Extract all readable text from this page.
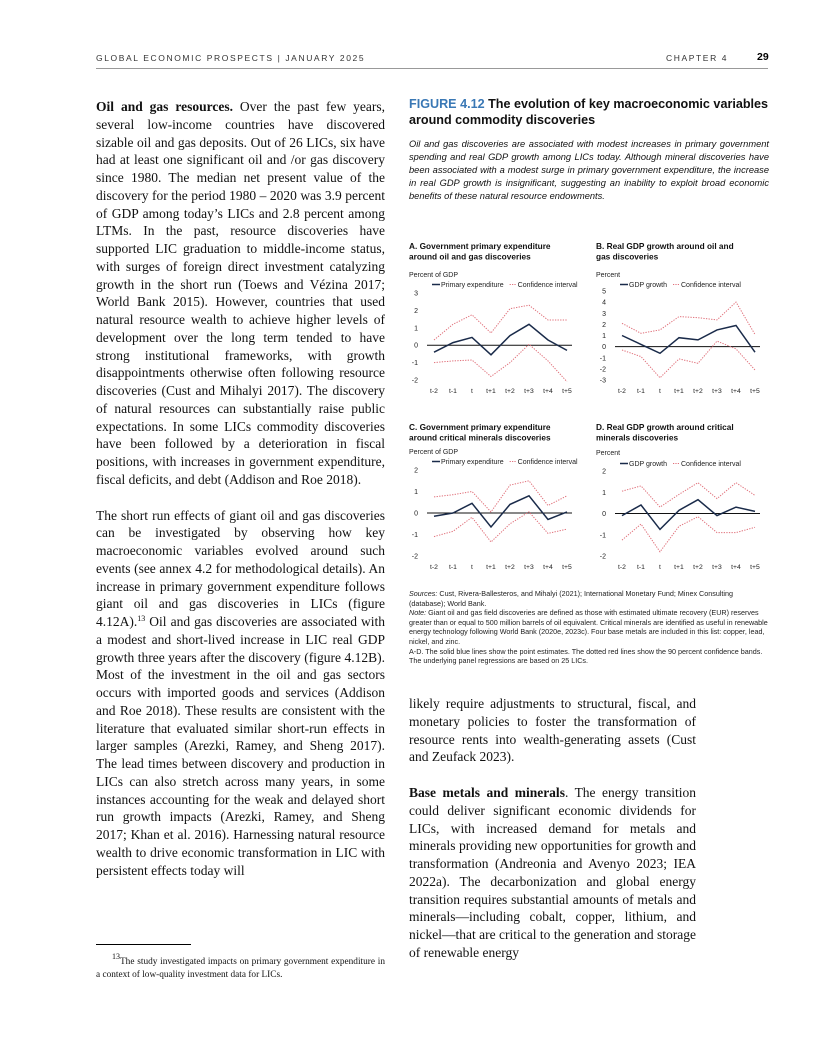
GLOBAL ECONOMIC PROSPECTS | JANUARY 2025	CHAPTER 4	29

Oil and gas resources. Over the past few years, several low-income countries have discovered sizable oil and gas deposits. Out of 26 LICs, six have had at least one significant oil and /or gas discovery since 1980. The median net present value of the discovery for the period 1980 – 2020 was 3.9 percent of GDP among today’s LICs and 2.8 percent among LTMs. In the past, resource discoveries have supported LIC graduation to middle-income status, with surges of foreign direct investment catalyzing growth in the short run (Toews and Vézina 2017; World Bank 2015). However, countries that used natural resource wealth to achieve higher levels of development over the long term tended to have strong institutional frameworks, with growth disappointments otherwise often following resource discoveries (Cust and Mihalyi 2017). The discovery of natural resources can substantially raise public expectations. In some LICs commodity discoveries have been followed by a deterioration in fiscal positions, with increases in government expenditure, fiscal deficits, and debt (Addison and Roe 2018).

The short run effects of giant oil and gas discoveries can be investigated by observing how key macroeconomic variables evolved around such events (see annex 4.2 for methodological details). An increase in primary government expenditure follows giant oil and gas discoveries in LICs (figure 4.12A).$^{13}$ Oil and gas discoveries are associated with a modest and short-lived increase in LIC real GDP growth three years after the discovery (figure 4.12B). Most of the investment in the oil and gas sectors occurs with imported goods and services (Addison and Roe 2018). These results are consistent with the literature that evaluated similar short-run effects in larger samples (Arezki, Ramey, and Sheng 2017). The lead times between discovery and production in LICs can also stretch across many years, in some instances accounting for the weak and delayed short run growth impacts (Arezki, Ramey, and Sheng 2017; Khan et al. 2016). Harnessing natural resource wealth to drive economic transformation in LIC with persistent effects today will

$^{13}$The study investigated impacts on primary government expenditure in a context of low-quality investment data for LICs.
FIGURE 4.12 The evolution of key macroeconomic variables around commodity discoveries
Oil and gas discoveries are associated with modest increases in primary government spending and real GDP growth among LICs today. Although mineral discoveries have been associated with a modest surge in primary government expenditure, the increase in real GDP growth is insignificant, suggesting an inability to exploit broad economic benefits of these natural resource endowments.
A. Government primary expenditure
around oil and gas discoveries
Percent of GDP
Primary expenditure Confidence interval
3
2
1
0
-1
-2
t-2 t-1 t t+1 t+2 t+3 t+4 t+5
B. Real GDP growth around oil and
gas discoveries
Percent
GDP growth Confidence interval
5
4
3
2
1
0
-1
-2
-3
t-2 t-1 t t+1 t+2 t+3 t+4 t+5
C. Government primary expenditure
around critical minerals discoveries
Percent of GDP
Primary expenditure Confidence interval
2
1
0
-1
-2
t-2 t-1 t t+1 t+2 t+3 t+4 t+5
D. Real GDP growth around critical
minerals discoveries
Percent
GDP growth Confidence interval
2
1
0
-1
-2
t-2 t-1 t t+1 t+2 t+3 t+4 t+5

Sources: Cust, Rivera-Ballesteros, and Mihalyi (2021); International Monetary Fund; Minex Consulting (database); World Bank.

Note: Giant oil and gas field discoveries are defined as those with estimated ultimate recovery (EUR) reserves greater than or equal to 500 million barrels of oil equivalent. Critical minerals are identified as useful in renewable energy technology following World Bank (2020e, 2023c). Four base metals are included in this list: copper, lead, nickel, and zinc.

A-D. The solid blue lines show the point estimates. The dotted red lines show the 90 percent confidence bands. The underlying panel regressions are based on 25 LICs.

likely require adjustments to structural, fiscal, and monetary policies to foster the transformation of resource rents into wealth-generating assets (Cust and Zeufack 2023).

Base metals and minerals. The energy transition could deliver significant economic dividends for LICs, with increased demand for metals and minerals providing new opportunities for growth and transformation (Andreonia and Avenyo 2023; IEA 2022a). The decarbonization and global energy transition requires substantial amounts of metals and minerals—including cobalt, copper, lithium, and nickel—that are critical to the generation and storage of renewable energy
